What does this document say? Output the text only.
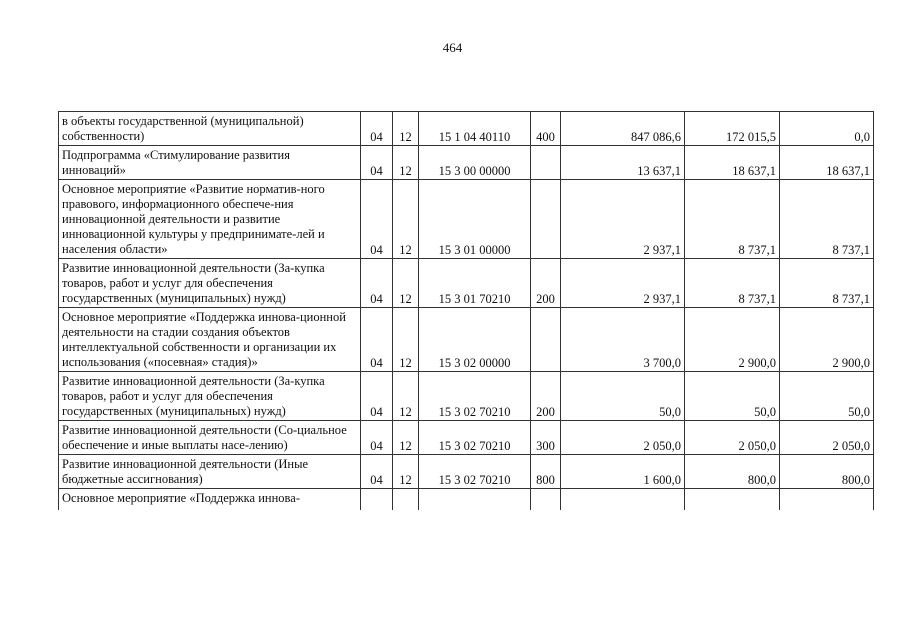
464
в объекты государственной (муниципальной) собственности)	04	12	15 1 04 40110	400	847 086,6	172 015,5	0,0
Подпрограмма «Стимулирование развития инноваций»	04	12	15 3 00 00000		13 637,1	18 637,1	18 637,1
Основное мероприятие «Развитие норматив-ного правового, информационного обеспече-ния инновационной деятельности и развитие инновационной культуры у предпринимате-лей и населения области»	04	12	15 3 01 00000		2 937,1	8 737,1	8 737,1
Развитие инновационной деятельности (За-купка товаров, работ и услуг для обеспечения государственных (муниципальных) нужд)	04	12	15 3 01 70210	200	2 937,1	8 737,1	8 737,1
Основное мероприятие «Поддержка иннова-ционной деятельности на стадии создания объектов интеллектуальной собственности и организации их использования («посевная» стадия)»	04	12	15 3 02 00000		3 700,0	2 900,0	2 900,0
Развитие инновационной деятельности (За-купка товаров, работ и услуг для обеспечения государственных (муниципальных) нужд)	04	12	15 3 02 70210	200	50,0	50,0	50,0
Развитие инновационной деятельности (Со-циальное обеспечение и иные выплаты насе-лению)	04	12	15 3 02 70210	300	2 050,0	2 050,0	2 050,0
Развитие инновационной деятельности (Иные бюджетные ассигнования)	04	12	15 3 02 70210	800	1 600,0	800,0	800,0
Основное мероприятие «Поддержка иннова-							
